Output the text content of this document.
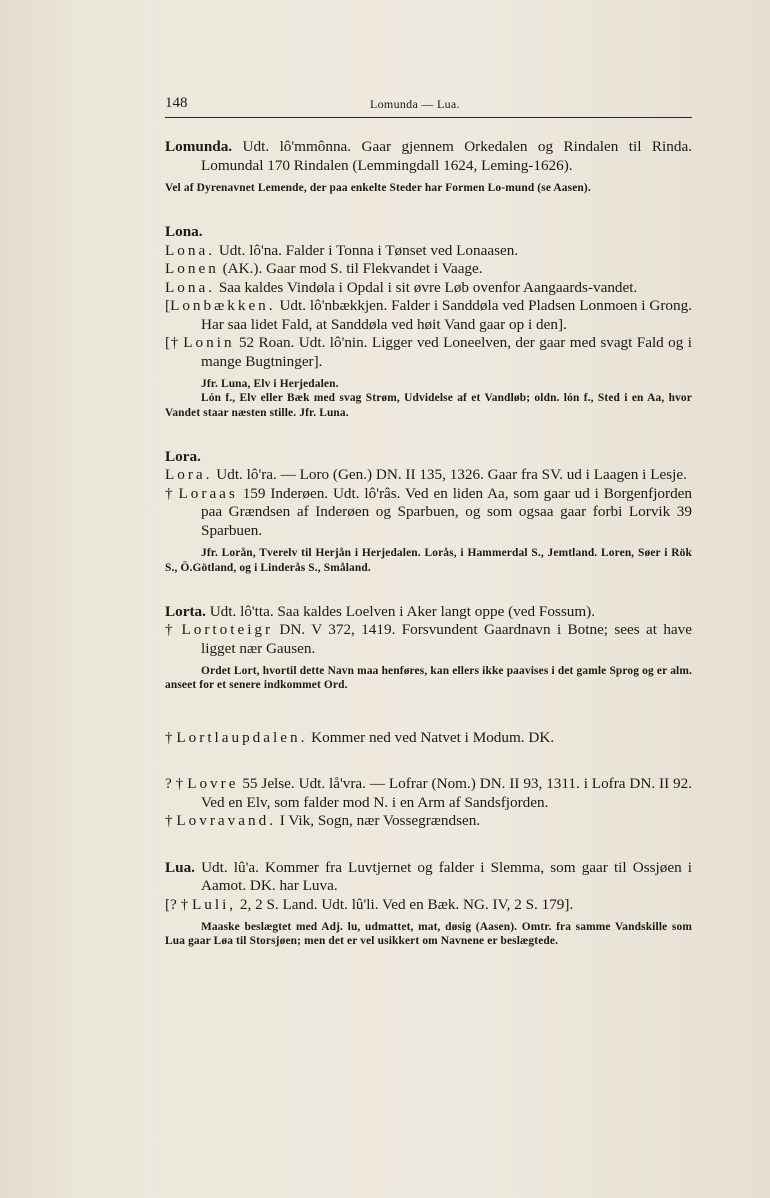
148	Lomunda — Lua.

Lomunda. Udt. lô'mmônna. Gaar gjennem Orkedalen og Rindalen til Rinda. Lomundal 170 Rindalen (Lemmingdall 1624, Leming-1626).

Vel af Dyrenavnet Lemende, der paa enkelte Steder har Formen Lo-mund (se Aasen).

Lona.

Lona. Udt. lô'na. Falder i Tonna i Tønset ved Lonaasen.

Lonen (AK.). Gaar mod S. til Flekvandet i Vaage.

Lona. Saa kaldes Vindøla i Opdal i sit øvre Løb ovenfor Aangaards-vandet.

[Lonbækken. Udt. lô'nbækkjen. Falder i Sanddøla ved Pladsen Lonmoen i Grong. Har saa lidet Fald, at Sanddøla ved høit Vand gaar op i den].

[† Lonin 52 Roan. Udt. lô'nin. Ligger ved Loneelven, der gaar med svagt Fald og i mange Bugtninger].

Jfr. Luna, Elv i Herjedalen.

Lón f., Elv eller Bæk med svag Strøm, Udvidelse af et Vandløb; oldn. lón f., Sted i en Aa, hvor Vandet staar næsten stille. Jfr. Luna.

Lora.

Lora. Udt. lô'ra. — Loro (Gen.) DN. II 135, 1326. Gaar fra SV. ud i Laagen i Lesje.

† Loraas 159 Inderøen. Udt. lô'râs. Ved en liden Aa, som gaar ud i Borgenfjorden paa Grændsen af Inderøen og Sparbuen, og som ogsaa gaar forbi Lorvik 39 Sparbuen.

Jfr. Lorån, Tverelv til Herjån i Herjedalen. Lorås, i Hammerdal S., Jemtland. Loren, Søer i Rök S., Ö.Götland, og i Linderås S., Småland.

Lorta. Udt. lô'tta. Saa kaldes Loelven i Aker langt oppe (ved Fossum).

† Lortoteigr DN. V 372, 1419. Forsvundent Gaardnavn i Botne; sees at have ligget nær Gausen.

Ordet Lort, hvortil dette Navn maa henføres, kan ellers ikke paavises i det gamle Sprog og er alm. anseet for et senere indkommet Ord.

† Lortlaupdalen. Kommer ned ved Natvet i Modum. DK.

? † Lovre 55 Jelse. Udt. lå'vra. — Lofrar (Nom.) DN. II 93, 1311. i Lofra DN. II 92. Ved en Elv, som falder mod N. i en Arm af Sandsfjorden.

† Lovravand. I Vik, Sogn, nær Vossegrændsen.

Lua. Udt. lû'a. Kommer fra Luvtjernet og falder i Slemma, som gaar til Ossjøen i Aamot. DK. har Luva.

[? † Luli, 2, 2 S. Land. Udt. lû'li. Ved en Bæk. NG. IV, 2 S. 179].

Maaske beslægtet med Adj. lu, udmattet, mat, døsig (Aasen). Omtr. fra samme Vandskille som Lua gaar Løa til Storsjøen; men det er vel usikkert om Navnene er beslægtede.
